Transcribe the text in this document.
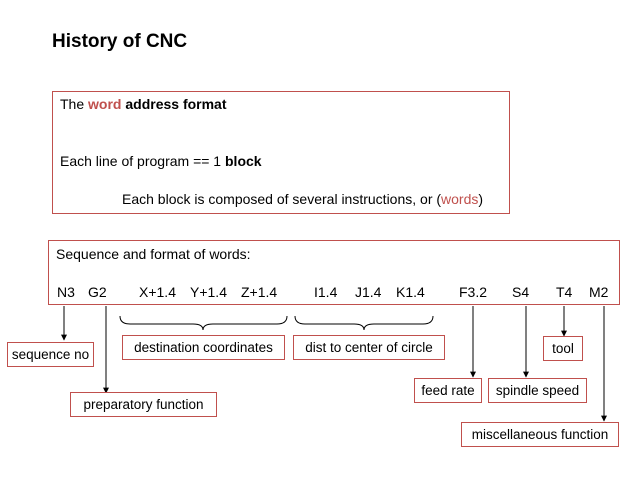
History of CNC
The word address format
Each line of program == 1 block
Each block is composed of several instructions, or (words)
Sequence and format of words:
N3 G2 X+1.4 Y+1.4 Z+1.4	I1.4 J1.4 K1.4 F3.2 S4 T4 M2
sequence no
preparatory function
destination coordinates	dist to center of circle
feed rate	spindle speed
tool
miscellaneous function
